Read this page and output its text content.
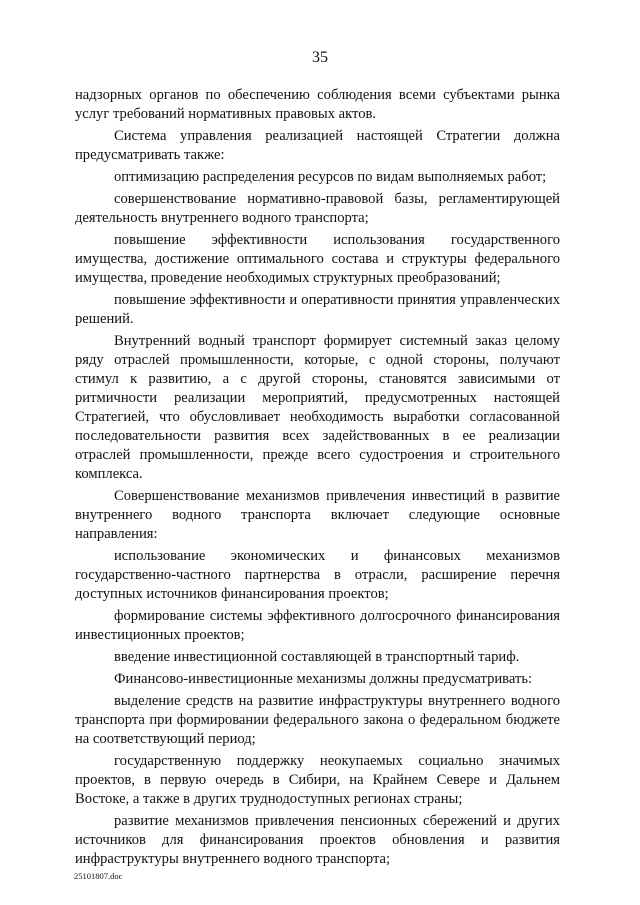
35

надзорных органов по обеспечению соблюдения всеми субъектами рынка услуг требований нормативных правовых актов.

Система управления реализацией настоящей Стратегии должна предусматривать также:

оптимизацию распределения ресурсов по видам выполняемых работ;

совершенствование нормативно-правовой базы, регламентирующей деятельность внутреннего водного транспорта;

повышение эффективности использования государственного имущества, достижение оптимального состава и структуры федерального имущества, проведение необходимых структурных преобразований;

повышение эффективности и оперативности принятия управленческих решений.

Внутренний водный транспорт формирует системный заказ целому ряду отраслей промышленности, которые, с одной стороны, получают стимул к развитию, а с другой стороны, становятся зависимыми от ритмичности реализации мероприятий, предусмотренных настоящей Стратегией, что обусловливает необходимость выработки согласованной последовательности развития всех задействованных в ее реализации отраслей промышленности, прежде всего судостроения и строительного комплекса.

Совершенствование механизмов привлечения инвестиций в развитие внутреннего водного транспорта включает следующие основные направления:

использование экономических и финансовых механизмов государственно-частного партнерства в отрасли, расширение перечня доступных источников финансирования проектов;

формирование системы эффективного долгосрочного финансирования инвестиционных проектов;

введение инвестиционной составляющей в транспортный тариф.

Финансово-инвестиционные механизмы должны предусматривать:

выделение средств на развитие инфраструктуры внутреннего водного транспорта при формировании федерального закона о федеральном бюджете на соответствующий период;

государственную поддержку неокупаемых социально значимых проектов, в первую очередь в Сибири, на Крайнем Севере и Дальнем Востоке, а также в других труднодоступных регионах страны;

развитие механизмов привлечения пенсионных сбережений и других источников для финансирования проектов обновления и развития инфраструктуры внутреннего водного транспорта;

25101807.doc
